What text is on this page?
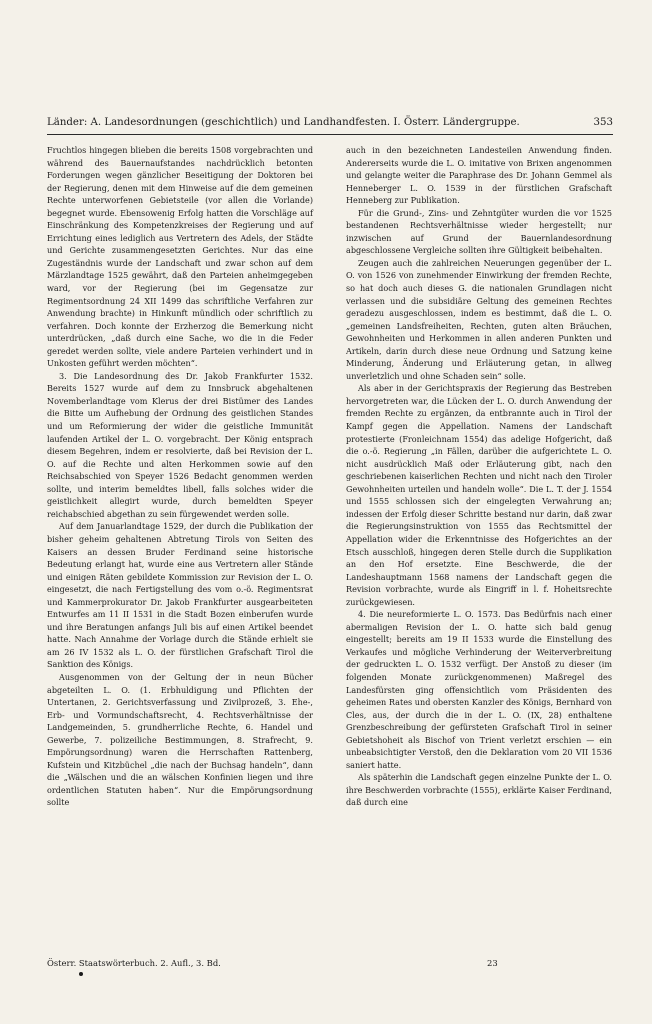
Länder: A. Landesordnungen (geschichtlich) und Landhandfesten. I. Österr. Ländergruppe.	353

Fruchtlos hingegen blieben die bereits 1508 vorgebrachten und während des Bauernaufstandes nachdrücklich betonten Forderungen wegen gänzlicher Beseitigung der Doktoren bei der Regierung, denen mit dem Hinweise auf die dem gemeinen Rechte unterworfenen Gebietsteile (vor allen die Vorlande) begegnet wurde. Ebensowenig Erfolg hatten die Vorschläge auf Einschränkung des Kompetenzkreises der Regierung und auf Errichtung eines lediglich aus Vertretern des Adels, der Städte und Gerichte zusammengesetzten Gerichtes. Nur das eine Zugeständnis wurde der Landschaft und zwar schon auf dem Märzlandtage 1525 gewährt, daß den Parteien anheimgegeben ward, vor der Regierung (bei im Gegensatze zur Regimentsordnung 24 XII 1499 das schriftliche Verfahren zur Anwendung brachte) in Hinkunft mündlich oder schriftlich zu verfahren. Doch konnte der Erzherzog die Bemerkung nicht unterdrücken, „daß durch eine Sache, wo die in die Feder geredet werden sollte, viele andere Parteien verhindert und in Unkosten geführt werden möchten“.

3. Die Landesordnung des Dr. Jakob Frankfurter 1532. Bereits 1527 wurde auf dem zu Innsbruck abgehaltenen Novemberlandtage vom Klerus der drei Bistümer des Landes die Bitte um Aufhebung der Ordnung des geistlichen Standes und um Reformierung der wider die geistliche Immunität laufenden Artikel der L. O. vorgebracht. Der König entsprach diesem Begehren, indem er resolvierte, daß bei Revision der L. O. auf die Rechte und alten Herkommen sowie auf den Reichsabschied von Speyer 1526 Bedacht genommen werden sollte, und interim bemeldtes libell, falls solches wider die geistlichkeit allegirt wurde, durch bemeldten Speyer reichabschied abgethan zu sein fürgewendet werden solle.

Auf dem Januarlandtage 1529, der durch die Publikation der bisher geheim gehaltenen Abtretung Tirols von Seiten des Kaisers an dessen Bruder Ferdinand seine historische Bedeutung erlangt hat, wurde eine aus Vertretern aller Stände und einigen Räten gebildete Kommission zur Revision der L. O. eingesetzt, die nach Fertigstellung des vom o.-ö. Regimentsrat und Kammerprokurator Dr. Jakob Frankfurter ausgearbeiteten Entwurfes am 11 II 1531 in die Stadt Bozen einberufen wurde und ihre Beratungen anfangs Juli bis auf einen Artikel beendet hatte. Nach Annahme der Vorlage durch die Stände erhielt sie am 26 IV 1532 als L. O. der fürstlichen Grafschaft Tirol die Sanktion des Königs.

Ausgenommen von der Geltung der in neun Bücher abgeteilten L. O. (1. Erbhuldigung und Pflichten der Untertanen, 2. Gerichtsverfassung und Zivilprozeß, 3. Ehe-, Erb- und Vormundschaftsrecht, 4. Rechtsverhältnisse der Landgemeinden, 5. grundherrliche Rechte, 6. Handel und Gewerbe, 7. polizeiliche Bestimmungen, 8. Strafrecht, 9. Empörungsordnung) waren die Herrschaften Rattenberg, Kufstein und Kitzbüchel „die nach der Buchsag handeln“, dann die „Wälschen und die an wälschen Konfinien liegen und ihre ordentlichen Statuten haben“. Nur die Empörungsordnung sollte

auch in den bezeichneten Landesteilen Anwendung finden. Andererseits wurde die L. O. imitative von Brixen angenommen und gelangte weiter die Paraphrase des Dr. Johann Gemmel als Henneberger L. O. 1539 in der fürstlichen Grafschaft Henneberg zur Publikation.

Für die Grund-, Zins- und Zehntgüter wurden die vor 1525 bestandenen Rechtsverhältnisse wieder hergestellt; nur inzwischen auf Grund der Bauernlandesordnung abgeschlossene Vergleiche sollten ihre Gültigkeit beibehalten.

Zeugen auch die zahlreichen Neuerungen gegenüber der L. O. von 1526 von zunehmender Einwirkung der fremden Rechte, so hat doch auch dieses G. die nationalen Grundlagen nicht verlassen und die subsidiäre Geltung des gemeinen Rechtes geradezu ausgeschlossen, indem es bestimmt, daß die L. O. „gemeinen Landsfreiheiten, Rechten, guten alten Bräuchen, Gewohnheiten und Herkommen in allen anderen Punkten und Artikeln, darin durch diese neue Ordnung und Satzung keine Minderung, Änderung und Erläuterung getan, in allweg unverletzlich und ohne Schaden sein“ solle.

Als aber in der Gerichtspraxis der Regierung das Bestreben hervorgetreten war, die Lücken der L. O. durch Anwendung der fremden Rechte zu ergänzen, da entbrannte auch in Tirol der Kampf gegen die Appellation. Namens der Landschaft protestierte (Fronleichnam 1554) das adelige Hofgericht, daß die o.-ö. Regierung „in Fällen, darüber die aufgerichtete L. O. nicht ausdrücklich Maß oder Erläuterung gibt, nach den geschriebenen kaiserlichen Rechten und nicht nach den Tiroler Gewohnheiten urteilen und handeln wolle“. Die L. T. der J. 1554 und 1555 schlossen sich der eingelegten Verwahrung an; indessen der Erfolg dieser Schritte bestand nur darin, daß zwar die Regierungsinstruktion von 1555 das Rechtsmittel der Appellation wider die Erkenntnisse des Hofgerichtes an der Etsch ausschloß, hingegen deren Stelle durch die Supplikation an den Hof ersetzte. Eine Beschwerde, die der Landeshauptmann 1568 namens der Landschaft gegen die Revision vorbrachte, wurde als Eingriff in l. f. Hoheitsrechte zurückgewiesen.

4. Die neureformierte L. O. 1573. Das Bedürfnis nach einer abermaligen Revision der L. O. hatte sich bald genug eingestellt; bereits am 19 II 1533 wurde die Einstellung des Verkaufes und mögliche Verhinderung der Weiterverbreitung der gedruckten L. O. 1532 verfügt. Der Anstoß zu dieser (im folgenden Monate zurückgenommenen) Maßregel des Landesfürsten ging offensichtlich vom Präsidenten des geheimen Rates und obersten Kanzler des Königs, Bernhard von Cles, aus, der durch die in der L. O. (IX, 28) enthaltene Grenzbeschreibung der gefürsteten Grafschaft Tirol in seiner Gebietshoheit als Bischof von Trient verletzt erschien — ein unbeabsichtigter Verstoß, den die Deklaration vom 20 VII 1536 saniert hatte.

Als späterhin die Landschaft gegen einzelne Punkte der L. O. ihre Beschwerden vorbrachte (1555), erklärte Kaiser Ferdinand, daß durch eine

Österr. Staatswörterbuch. 2. Aufl., 3. Bd.	23
